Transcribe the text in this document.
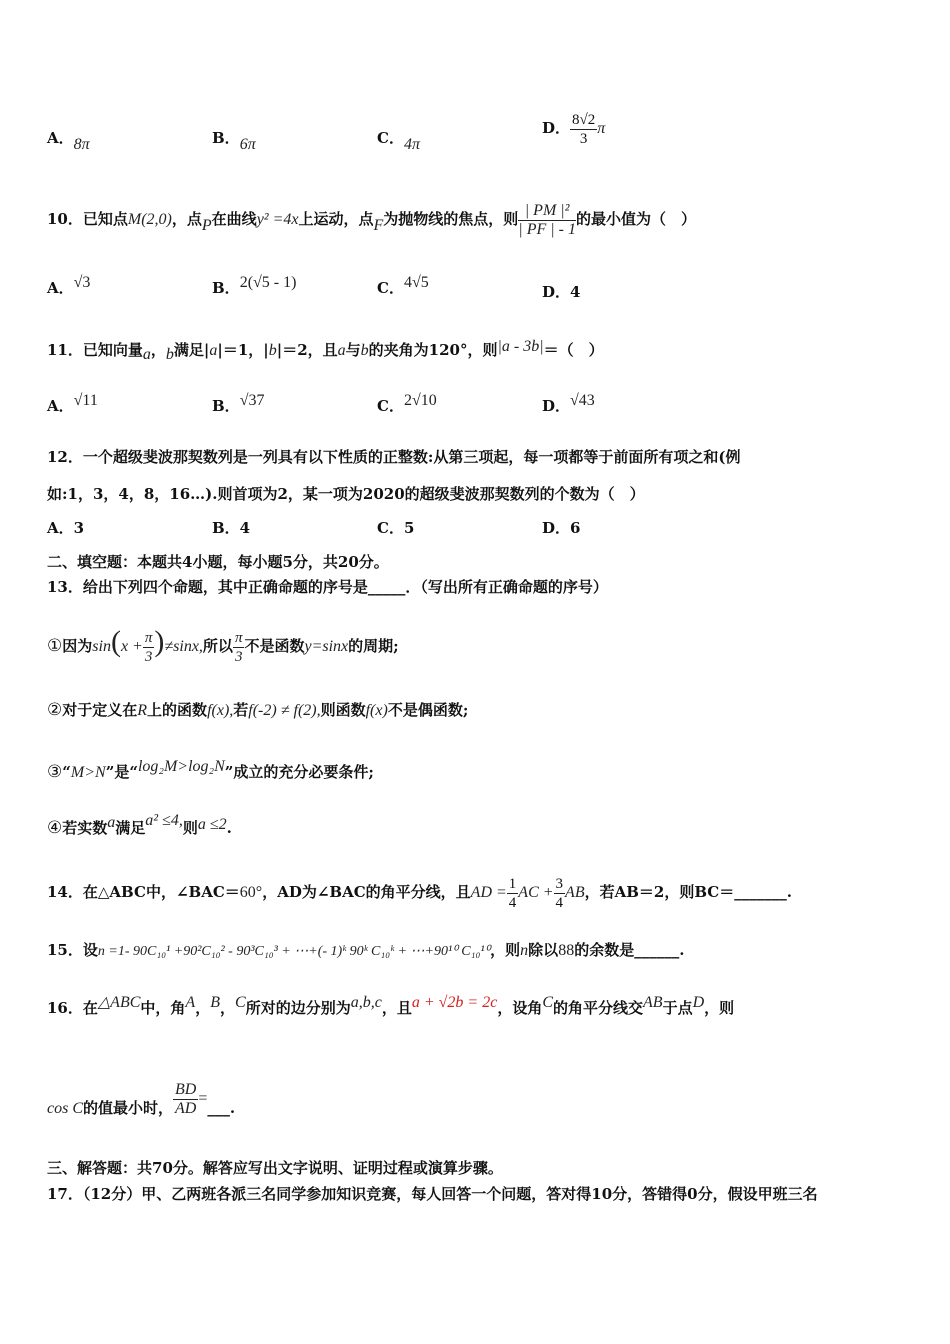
A．8π	B．6π	C．4π
D． $\frac{8√2}{3}$ π
10．已知点M(2,0)，点P在曲线y² =4x上运动，点F为抛物线的焦点，则 $\frac{\text{| PM |²}}{| PF | - 1}$ 的最小值为（　）
A．√3	B．2(√5 - 1)	C．4√5
D．4
11．已知向量a，b满足|a|＝1，|b|＝2，且a与b的夹角为120°，则|a - 3b|＝（　）
A．√11	B．√37	C．2√10	D．√43
12．一个超级斐波那契数列是一列具有以下性质的正整数:从第三项起，每一项都等于前面所有项之和(例
如:1，3，4，8，16…).则首项为2，某一项为2020的超级斐波那契数列的个数为（　）
A．3	B．4	C．5	D．6
二、填空题：本题共4小题，每小题5分，共20分。
13．给出下列四个命题，其中正确命题的序号是_____．（写出所有正确命题的序号）
①因为$\sin(x + \frac{\pi}{3} )\ne\sin x$,所以 $\frac{\pi}{3}$ 不是函数y=sinx的周期;
②对于定义在R上的函数f(x),若f(-2) ≠ f(2),则函数f(x)不是偶函数;
③“M>N”是“log₂M>log₂N”成立的充分必要条件;
④若实数a满足a² ≤4,则a ≤2.
14．在△ABC中，∠BAC＝60°，AD为∠BAC的角平分线，且AD = $\frac{1}{4}$ AC + $\frac{3}{4}$ AB，若AB＝2，则BC＝_______.
15．设n =1- 90C₁₀¹ +90²C₁₀² - 90³C₁₀³ + ⋯+(- 1)ᵏ 90ᵏ C₁₀ᵏ + ⋯+90¹⁰ C₁₀¹⁰，则n除以88的余数是______.
16．在△ABC中，角A，B，C所对的边分别为a,b,c，且a + √2b = 2c，设角C的角平分线交AB于点D，则
cos C的值最小时， $\frac{BD}{AD}$ =___.
三、解答题：共70分。解答应写出文字说明、证明过程或演算步骤。
17．（12分）甲、乙两班各派三名同学参加知识竞赛，每人回答一个问题，答对得10分，答错得0分，假设甲班三名
